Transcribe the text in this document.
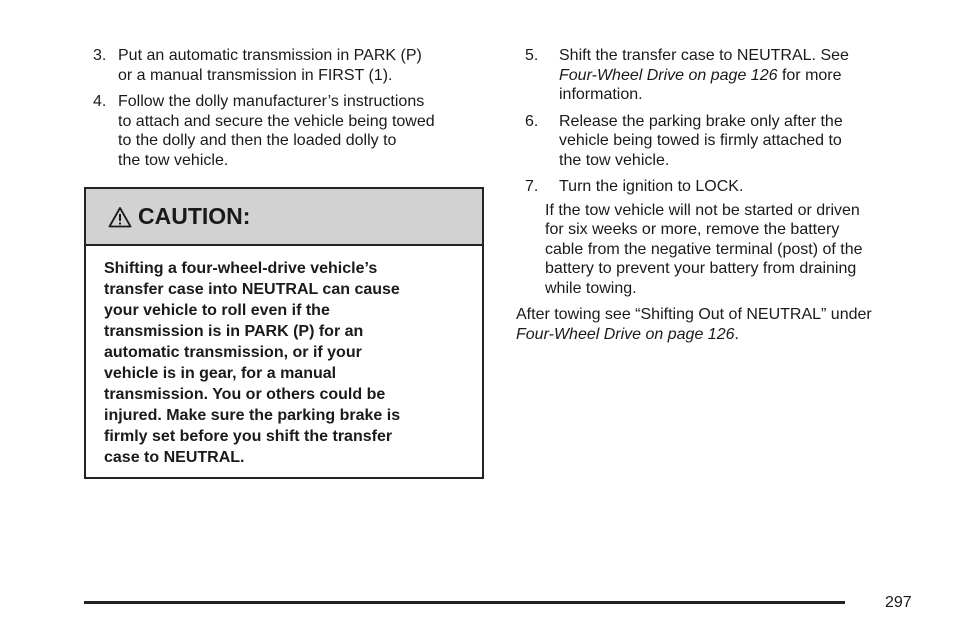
3. Put an automatic transmission in PARK (P)
or a manual transmission in FIRST (1).
4. Follow the dolly manufacturer’s instructions
to attach and secure the vehicle being towed
to the dolly and then the loaded dolly to
the tow vehicle.
CAUTION:
Shifting a four-wheel-drive vehicle’s
transfer case into NEUTRAL can cause
your vehicle to roll even if the
transmission is in PARK (P) for an
automatic transmission, or if your
vehicle is in gear, for a manual
transmission. You or others could be
injured. Make sure the parking brake is
firmly set before you shift the transfer
case to NEUTRAL.
5. Shift the transfer case to NEUTRAL. See
Four-Wheel Drive on page 126 for more
information.
6. Release the parking brake only after the
vehicle being towed is firmly attached to
the tow vehicle.
7. Turn the ignition to LOCK.
If the tow vehicle will not be started or driven
for six weeks or more, remove the battery
cable from the negative terminal (post) of the
battery to prevent your battery from draining
while towing.
After towing see “Shifting Out of NEUTRAL” under
Four-Wheel Drive on page 126.
297
